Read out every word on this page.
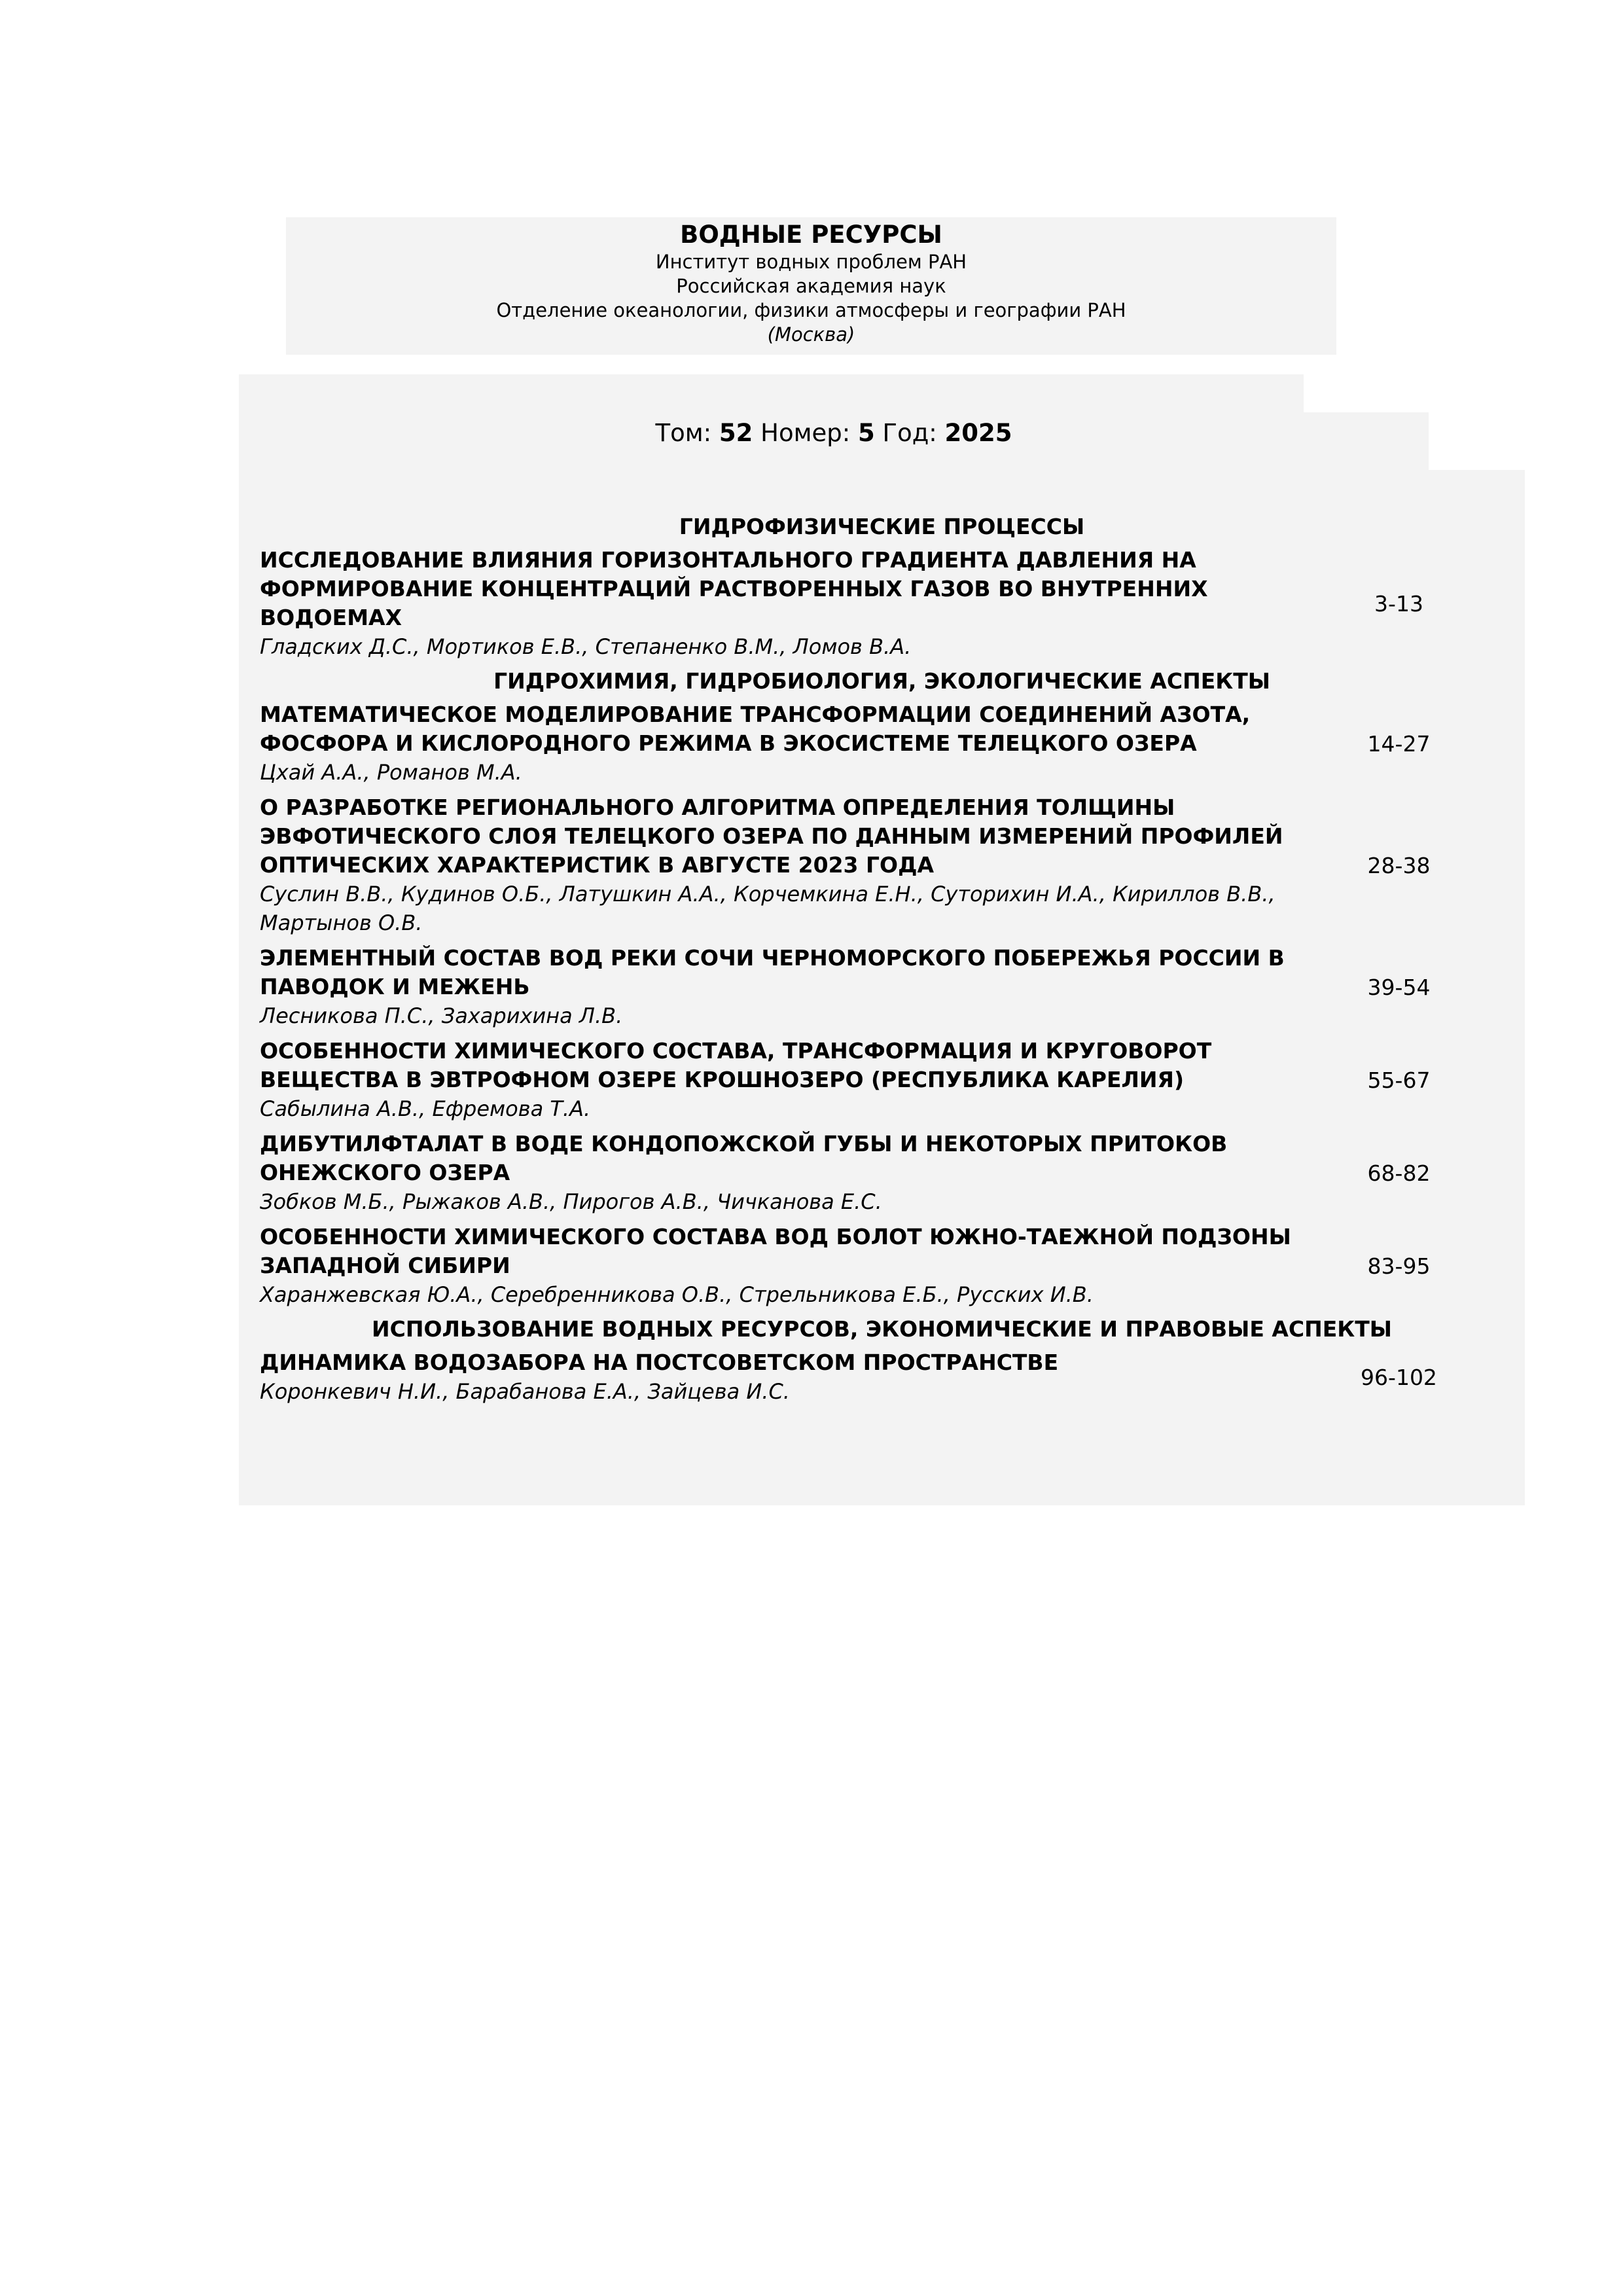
ВОДНЫЕ РЕСУРСЫ
Институт водных проблем РАН
Российская академия наук
Отделение океанологии, физики атмосферы и географии РАН
(Москва)
Том: 52 Номер: 5 Год: 2025
ГИДРОФИЗИЧЕСКИЕ ПРОЦЕССЫ
ИССЛЕДОВАНИЕ ВЛИЯНИЯ ГОРИЗОНТАЛЬНОГО ГРАДИЕНТА ДАВЛЕНИЯ НА
ФОРМИРОВАНИЕ КОНЦЕНТРАЦИЙ РАСТВОРЕННЫХ ГАЗОВ ВО ВНУТРЕННИХ
ВОДОЕМАХ
Гладских Д.С., Мортиков Е.В., Степаненко В.М., Ломов В.А.
3-13
ГИДРОХИМИЯ, ГИДРОБИОЛОГИЯ, ЭКОЛОГИЧЕСКИЕ АСПЕКТЫ
МАТЕМАТИЧЕСКОЕ МОДЕЛИРОВАНИЕ ТРАНСФОРМАЦИИ СОЕДИНЕНИЙ АЗОТА,
ФОСФОРА И КИСЛОРОДНОГО РЕЖИМА В ЭКОСИСТЕМЕ ТЕЛЕЦКОГО ОЗЕРА
Цхай А.А., Романов М.А.
14-27
О РАЗРАБОТКЕ РЕГИОНАЛЬНОГО АЛГОРИТМА ОПРЕДЕЛЕНИЯ ТОЛЩИНЫ
ЭВФОТИЧЕСКОГО СЛОЯ ТЕЛЕЦКОГО ОЗЕРА ПО ДАННЫМ ИЗМЕРЕНИЙ ПРОФИЛЕЙ
ОПТИЧЕСКИХ ХАРАКТЕРИСТИК В АВГУСТЕ 2023 ГОДА
Суслин В.В., Кудинов О.Б., Латушкин А.А., Корчемкина Е.Н., Суторихин И.А., Кириллов В.В.,
Мартынов О.В.
28-38
ЭЛЕМЕНТНЫЙ СОСТАВ ВОД РЕКИ СОЧИ ЧЕРНОМОРСКОГО ПОБЕРЕЖЬЯ РОССИИ В
ПАВОДОК И МЕЖЕНЬ
Лесникова П.С., Захарихина Л.В.
39-54
ОСОБЕННОСТИ ХИМИЧЕСКОГО СОСТАВА, ТРАНСФОРМАЦИЯ И КРУГОВОРОТ
ВЕЩЕСТВА В ЭВТРОФНОМ ОЗЕРЕ КРОШНОЗЕРО (РЕСПУБЛИКА КАРЕЛИЯ)
Сабылина А.В., Ефремова Т.А.
55-67
ДИБУТИЛФТАЛАТ В ВОДЕ КОНДОПОЖСКОЙ ГУБЫ И НЕКОТОРЫХ ПРИТОКОВ
ОНЕЖСКОГО ОЗЕРА
Зобков М.Б., Рыжаков А.В., Пирогов А.В., Чичканова Е.С.
68-82
ОСОБЕННОСТИ ХИМИЧЕСКОГО СОСТАВА ВОД БОЛОТ ЮЖНО-ТАЕЖНОЙ ПОДЗОНЫ
ЗАПАДНОЙ СИБИРИ
Харанжевская Ю.А., Серебренникова О.В., Стрельникова Е.Б., Русских И.В.
83-95
ИСПОЛЬЗОВАНИЕ ВОДНЫХ РЕСУРСОВ, ЭКОНОМИЧЕСКИЕ И ПРАВОВЫЕ АСПЕКТЫ
ДИНАМИКА ВОДОЗАБОРА НА ПОСТСОВЕТСКОМ ПРОСТРАНСТВЕ
Коронкевич Н.И., Барабанова Е.А., Зайцева И.С.
96-102
